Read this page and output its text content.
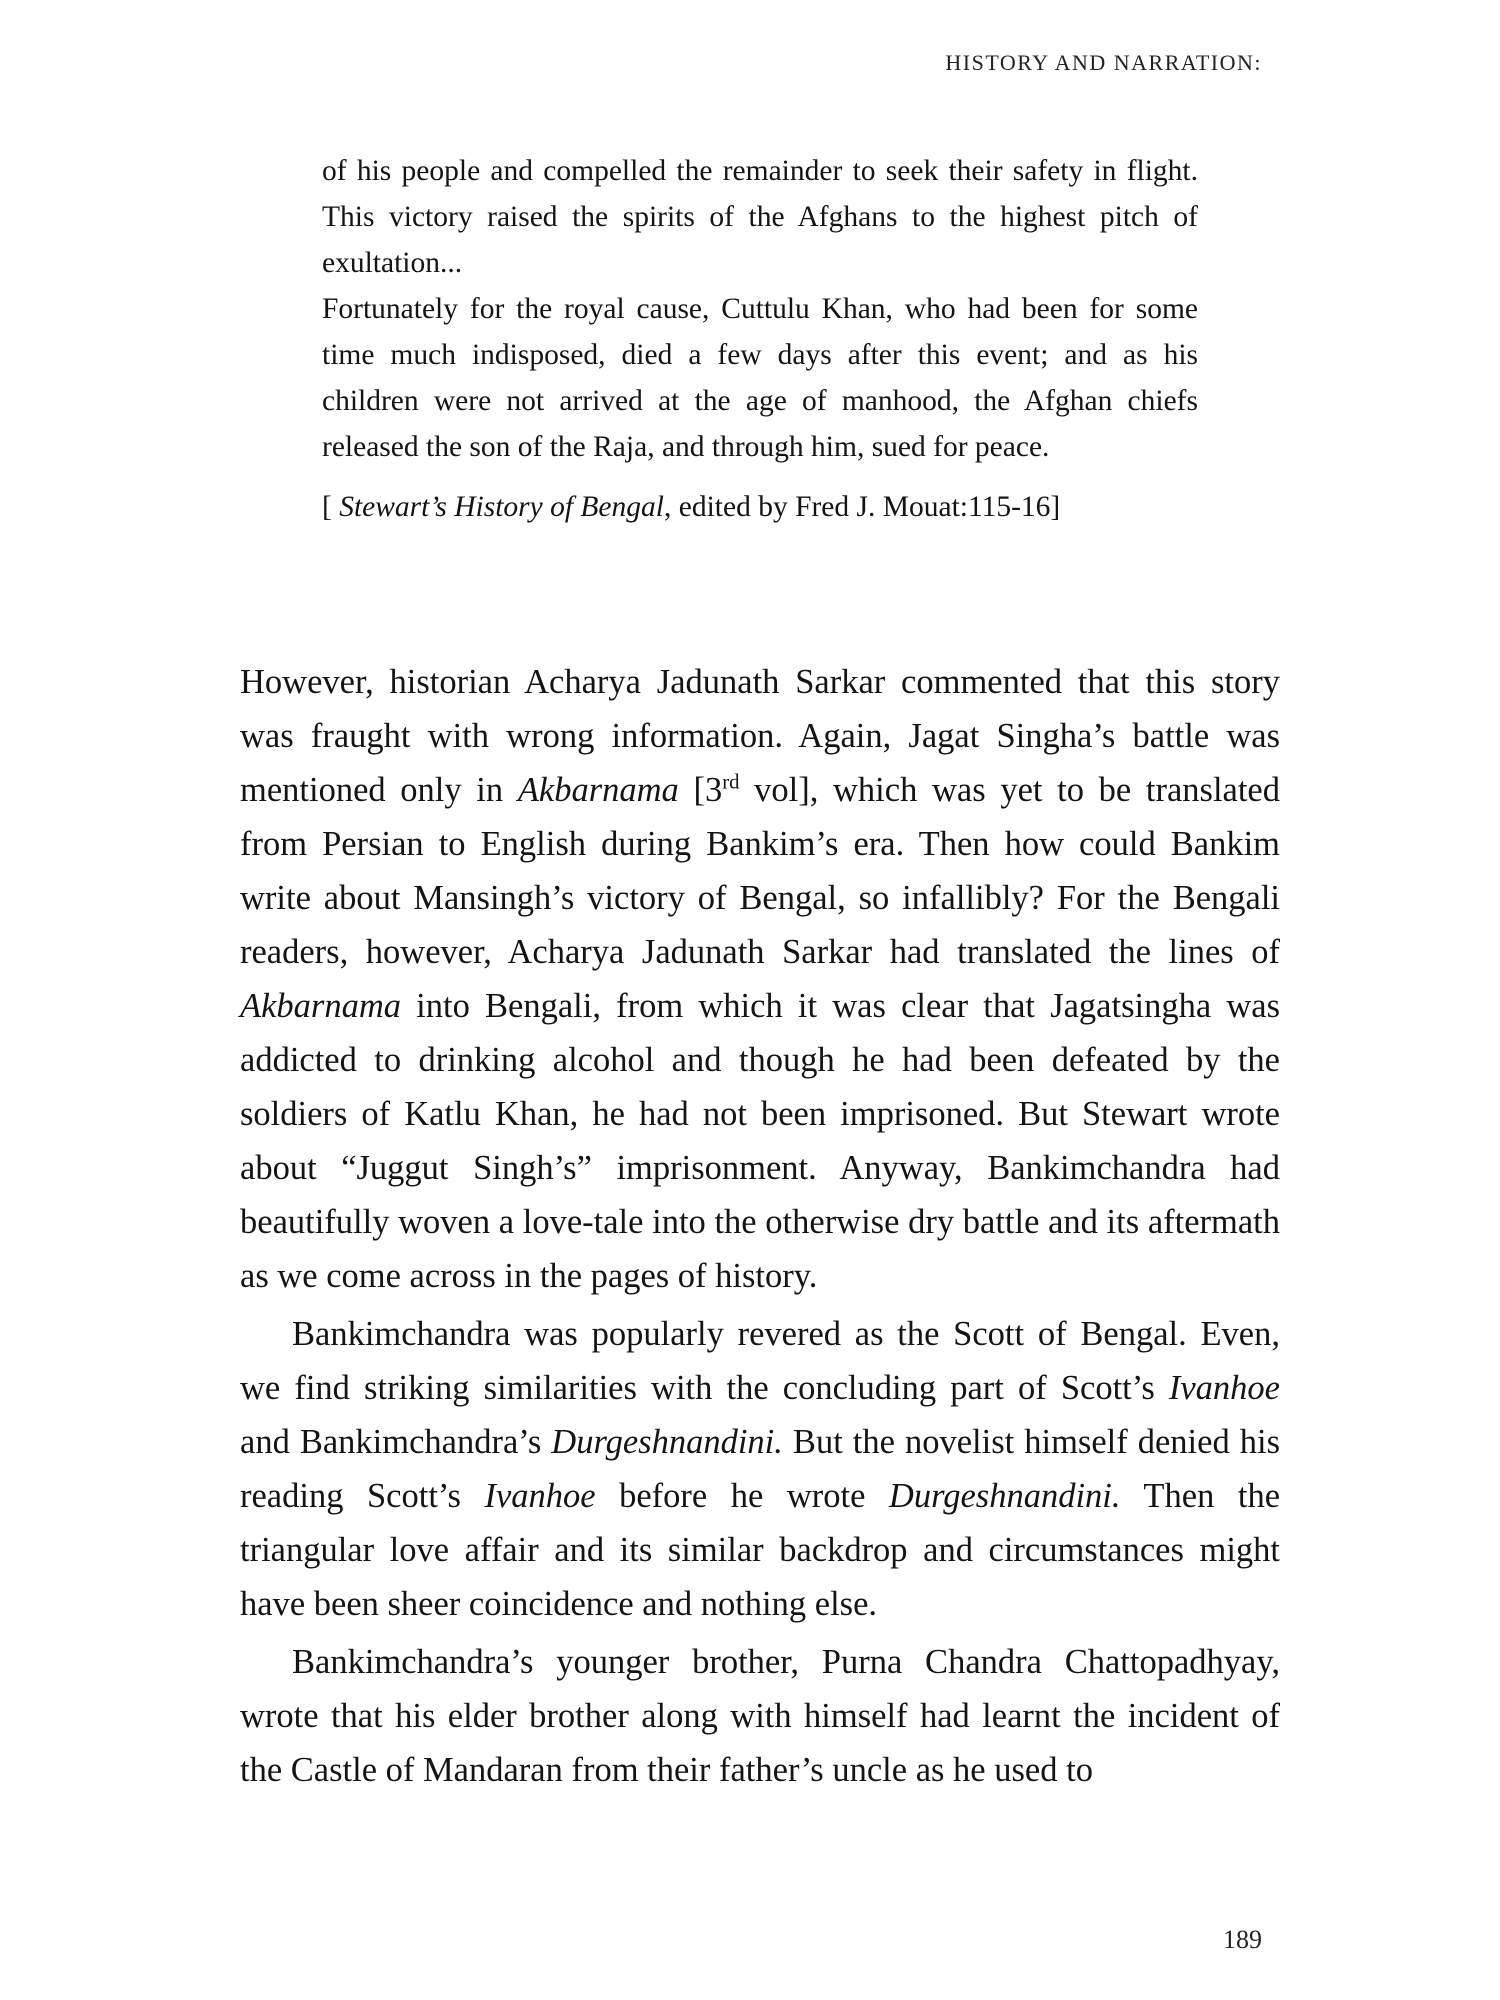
HISTORY AND NARRATION:

of his people and compelled the remainder to seek their safety in flight. This victory raised the spirits of the Afghans to the highest pitch of exultation...

Fortunately for the royal cause, Cuttulu Khan, who had been for some time much indisposed, died a few days after this event; and as his children were not arrived at the age of manhood, the Afghan chiefs released the son of the Raja, and through him, sued for peace.

[ Stewart’s History of Bengal, edited by Fred J. Mouat:115-16]

However, historian Acharya Jadunath Sarkar commented that this story was fraught with wrong information. Again, Jagat Singha’s battle was mentioned only in Akbarnama [3rd vol], which was yet to be translated from Persian to English during Bankim’s era. Then how could Bankim write about Mansingh’s victory of Bengal, so infallibly? For the Bengali readers, however, Acharya Jadunath Sarkar had translated the lines of Akbarnama into Bengali, from which it was clear that Jagatsingha was addicted to drinking alcohol and though he had been defeated by the soldiers of Katlu Khan, he had not been imprisoned. But Stewart wrote about “Juggut Singh’s” imprisonment. Anyway, Bankimchandra had beautifully woven a love-tale into the otherwise dry battle and its aftermath as we come across in the pages of history.

Bankimchandra was popularly revered as the Scott of Bengal. Even, we find striking similarities with the concluding part of Scott’s Ivanhoe and Bankimchandra’s Durgeshnandini. But the novelist himself denied his reading Scott’s Ivanhoe before he wrote Durgeshnandini. Then the triangular love affair and its similar backdrop and circumstances might have been sheer coincidence and nothing else.

Bankimchandra’s younger brother, Purna Chandra Chattopadhyay, wrote that his elder brother along with himself had learnt the incident of the Castle of Mandaran from their father’s uncle as he used to

189
